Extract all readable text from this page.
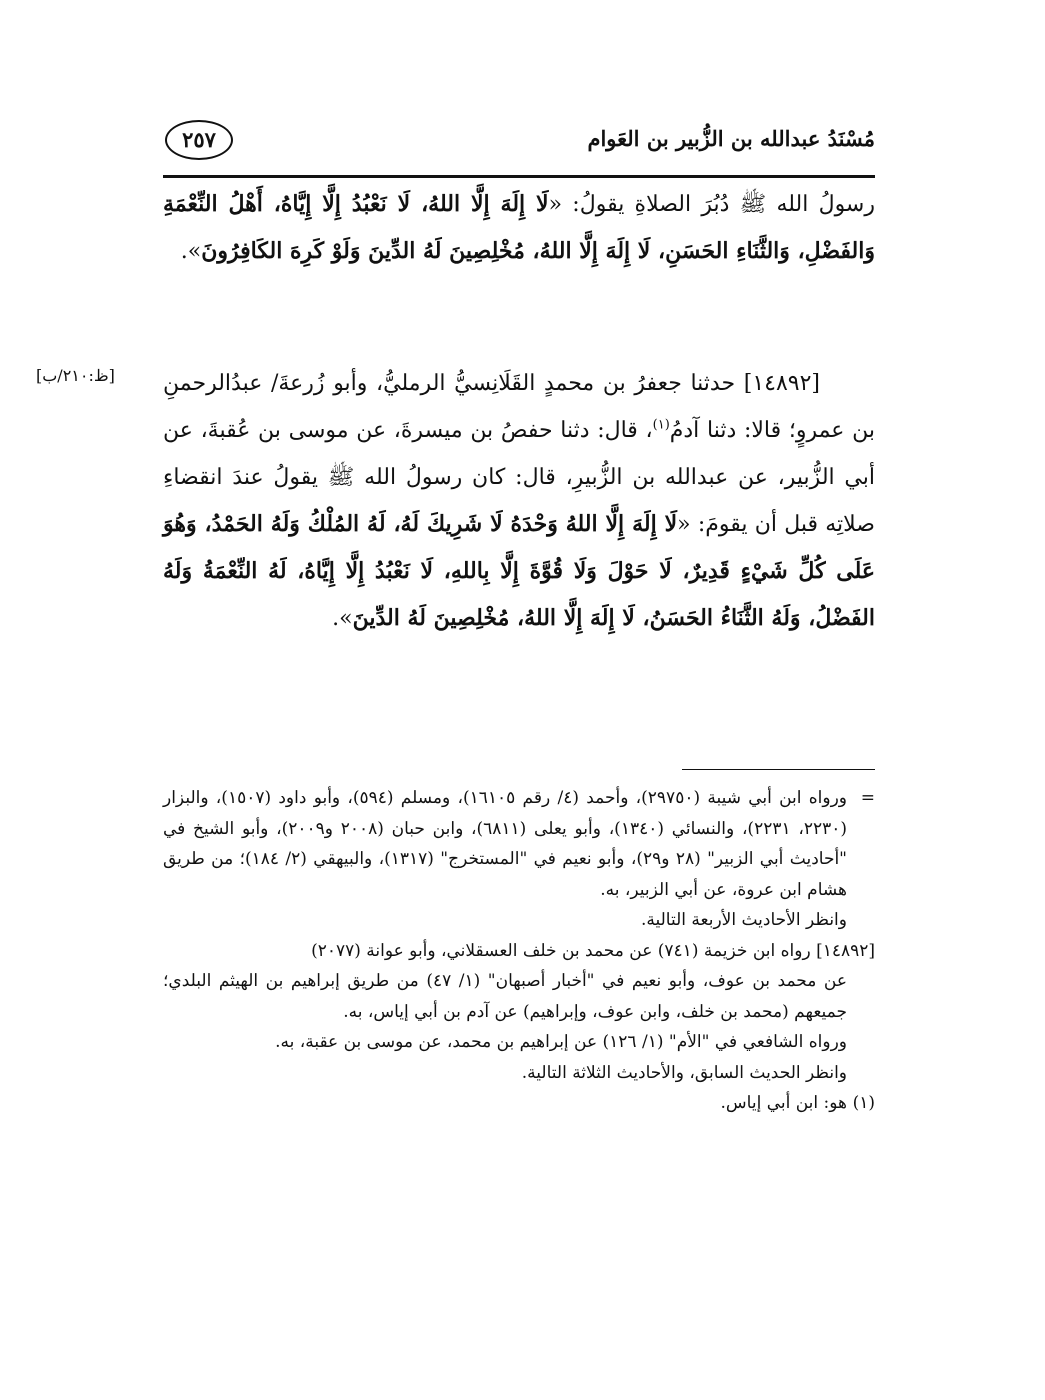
مُسْنَدُ عبدالله بن الزُّبير بن العَوام
٢٥٧
رسولُ الله ﷺ دُبُرَ الصلاةِ يقولُ: «لَا إِلَهَ إِلَّا اللهُ، لَا نَعْبُدُ إِلَّا إِيَّاهُ، أَهْلُ النِّعْمَةِ وَالفَضْلِ، وَالثَّنَاءِ الحَسَنِ، لَا إِلَهَ إِلَّا اللهُ، مُخْلِصِينَ لَهُ الدِّينَ وَلَوْ كَرِهَ الكَافِرُونَ».
[ظ:٢١٠/ب] [١٤٨٩٢] حدثنا جعفرُ بن محمدٍ القَلَانِسيُّ الرمليُّ، وأبو زُرعةَ/ عبدُالرحمنِ بن عمروٍ؛ قالا: دثنا آدمُ$^{(١)}$، قال: دثنا حفصُ بن ميسرةَ، عن موسى بن عُقبةَ، عن أبي الزُّبير، عن عبدالله بن الزُّبيرِ، قال: كان رسولُ الله ﷺ يقولُ عندَ انقضاءِ صلاتِه قبل أن يقومَ: «لَا إِلَهَ إِلَّا اللهُ وَحْدَهُ لَا شَرِيكَ لَهُ، لَهُ المُلْكُ وَلَهُ الحَمْدُ، وَهُوَ عَلَى كُلِّ شَيْءٍ قَدِيرٌ، لَا حَوْلَ وَلَا قُوَّةَ إِلَّا بِاللهِ، لَا نَعْبُدُ إِلَّا إِيَّاهُ، لَهُ النِّعْمَةُ وَلَهُ الفَضْلُ، وَلَهُ الثَّنَاءُ الحَسَنُ، لَا إِلَهَ إِلَّا اللهُ، مُخْلِصِينَ لَهُ الدِّينَ».
=
ورواه ابن أبي شيبة (٢٩٧٥٠)، وأحمد (٤/ رقم ١٦١٠٥)، ومسلم (٥٩٤)، وأبو داود (١٥٠٧)، والبزار (٢٢٣٠، ٢٢٣١)، والنسائي (١٣٤٠)، وأبو يعلى (٦٨١١)، وابن حبان (٢٠٠٨ و٢٠٠٩)، وأبو الشيخ في "أحاديث أبي الزبير" (٢٨ و٢٩)، وأبو نعيم في "المستخرج" (١٣١٧)، والبيهقي (٢/ ١٨٤)؛ من طريق هشام ابن عروة، عن أبي الزبير، به.
وانظر الأحاديث الأربعة التالية.
[١٤٨٩٢] رواه ابن خزيمة (٧٤١) عن محمد بن خلف العسقلاني، وأبو عوانة (٢٠٧٧)
عن محمد بن عوف، وأبو نعيم في "أخبار أصبهان" (١/ ٤٧) من طريق إبراهيم بن الهيثم البلدي؛ جميعهم (محمد بن خلف، وابن عوف، وإبراهيم) عن آدم بن أبي إياس، به.
ورواه الشافعي في "الأم" (١/ ١٢٦) عن إبراهيم بن محمد، عن موسى بن عقبة، به.
وانظر الحديث السابق، والأحاديث الثلاثة التالية.
(١)
هو: ابن أبي إياس.
